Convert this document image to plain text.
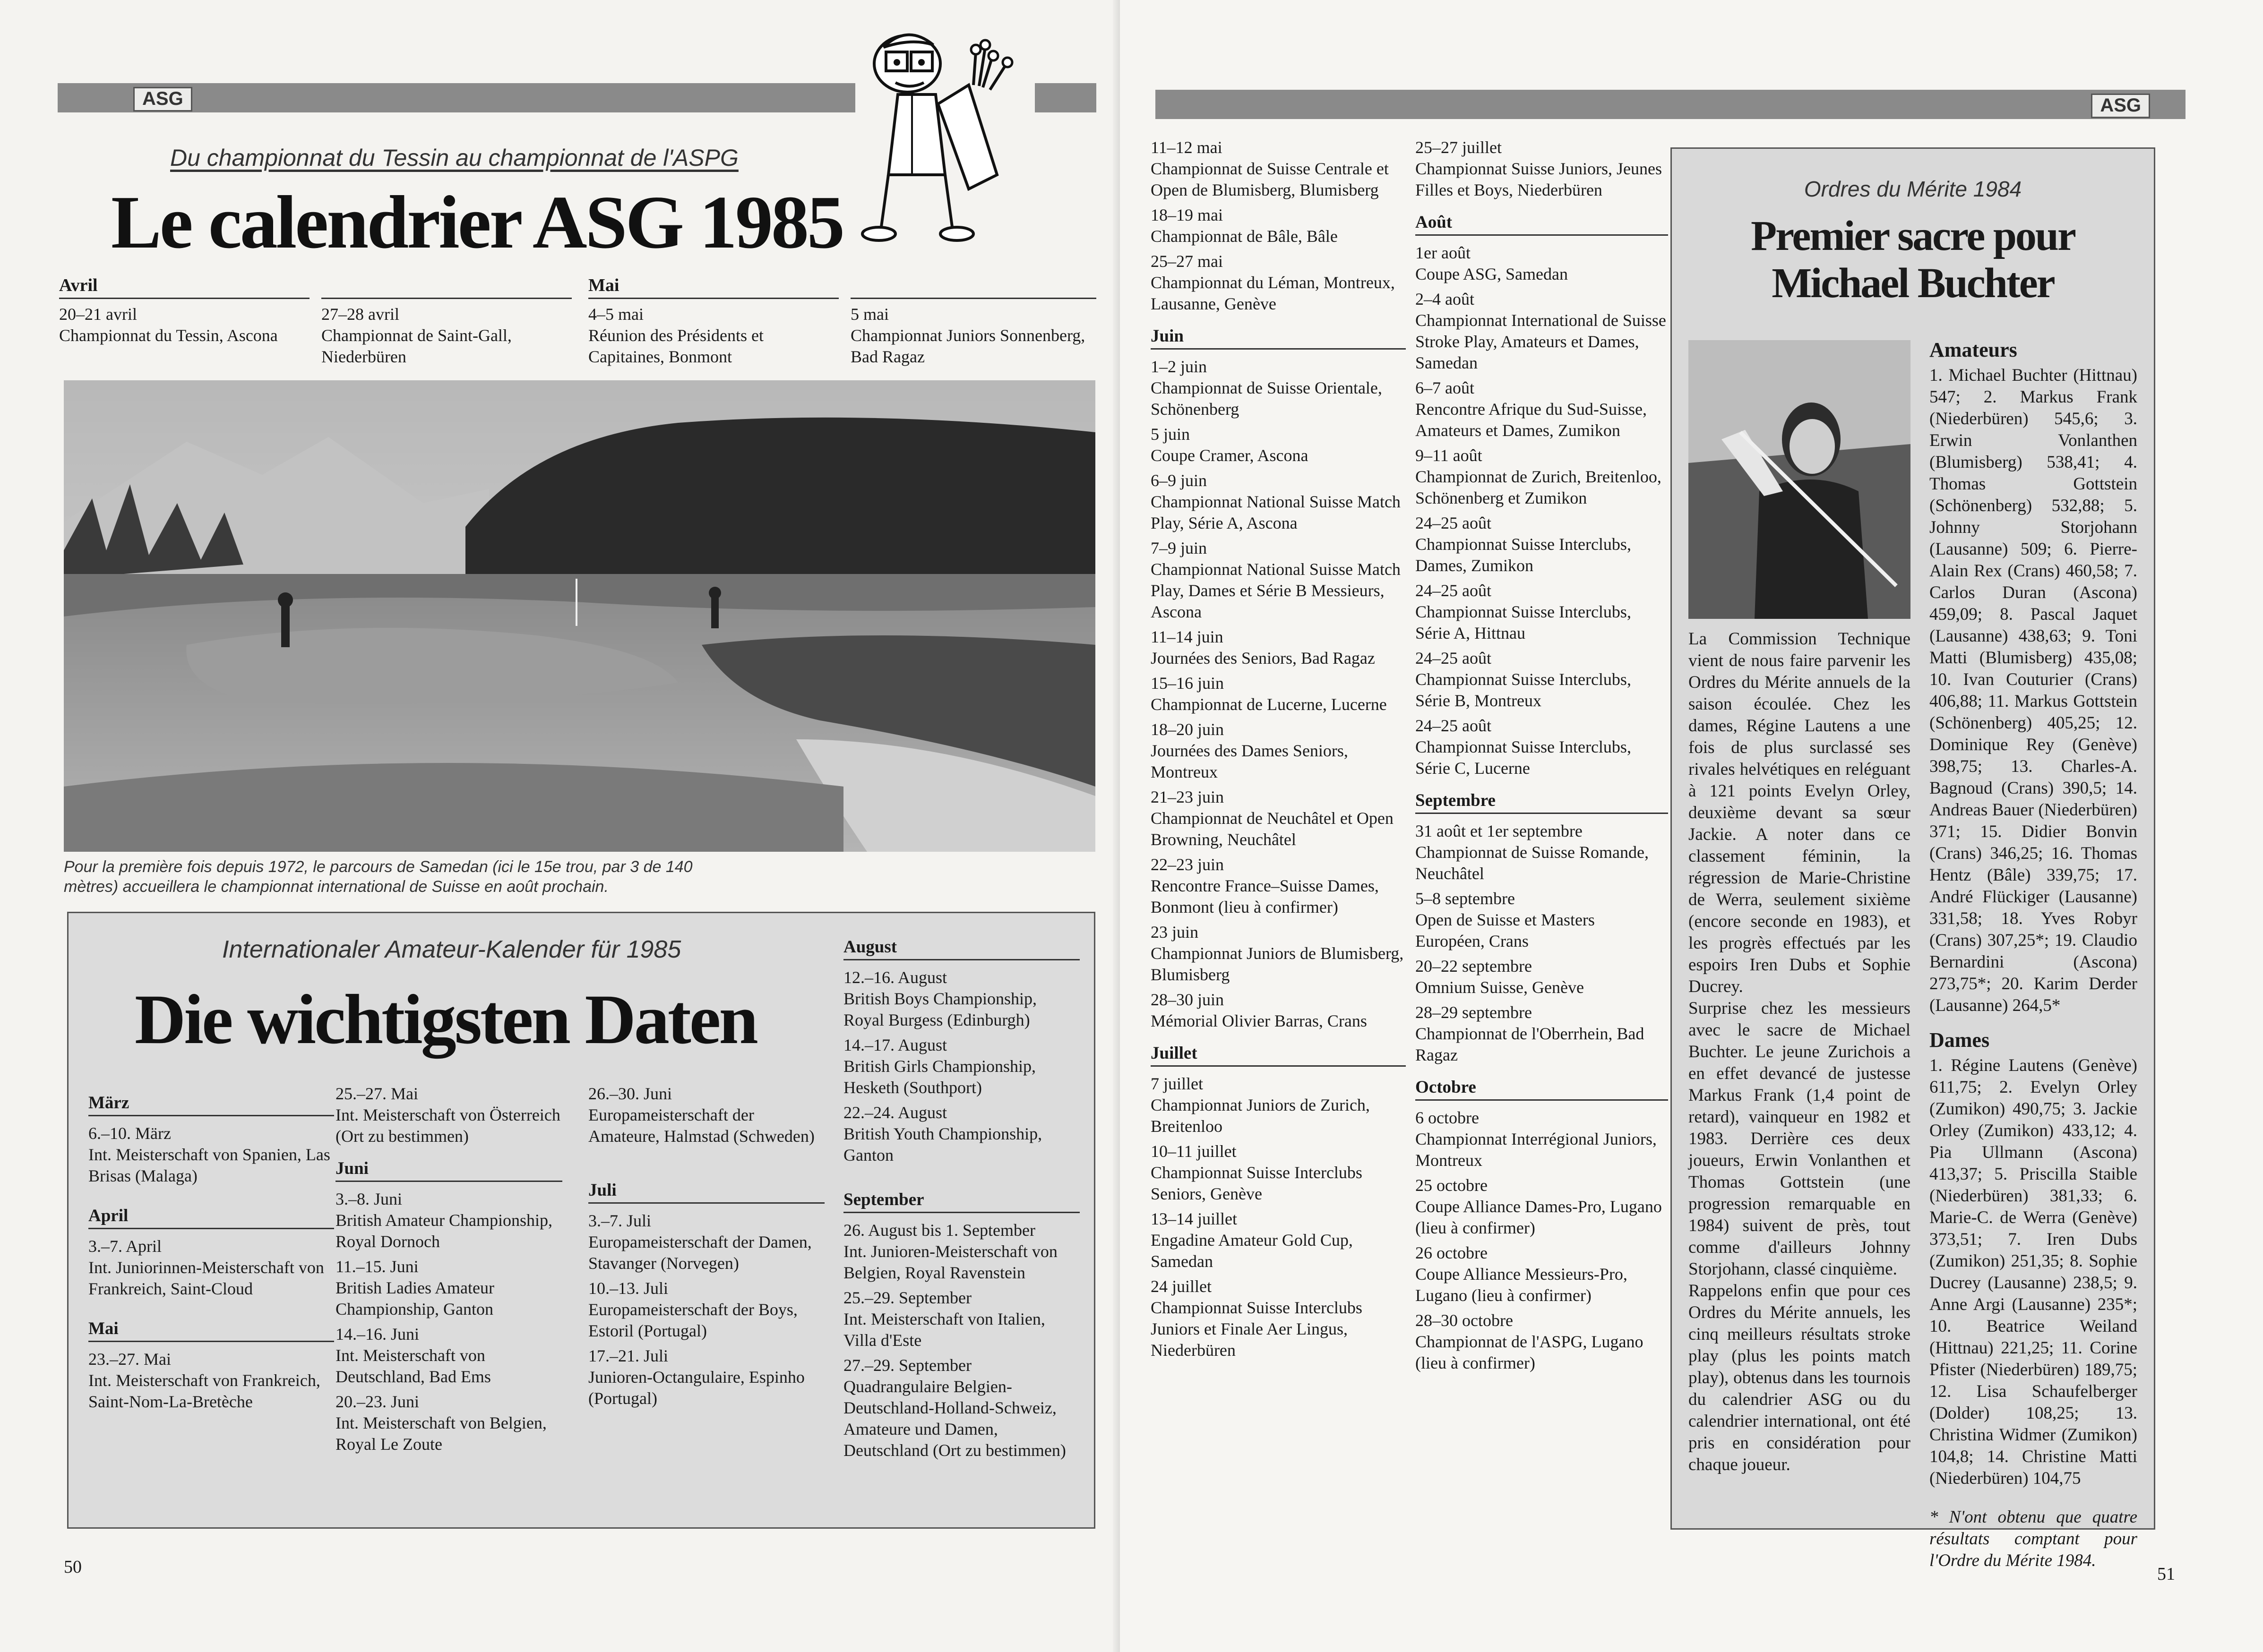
ASG
Du championnat du Tessin au championnat de l'ASPG
Le calendrier ASG 1985
Avril
20–21 avril
Championnat du Tessin, Ascona
27–28 avril
Championnat de Saint-Gall, Niederbüren
Mai
4–5 mai
Réunion des Présidents et Capitaines, Bonmont
5 mai
Championnat Juniors Sonnenberg, Bad Ragaz
Pour la première fois depuis 1972, le parcours de Samedan (ici le 15e trou, par 3 de 140 mètres) accueillera le championnat international de Suisse en août prochain.
Internationaler Amateur-Kalender für 1985
Die wichtigsten Daten
März
6.–10. März
Int. Meisterschaft von Spanien, Las Brisas (Malaga)
April
3.–7. April
Int. Juniorinnen-Meisterschaft von Frankreich, Saint-Cloud
Mai
23.–27. Mai
Int. Meisterschaft von Frankreich, Saint-Nom-La-Bretèche
25.–27. Mai
Int. Meisterschaft von Österreich (Ort zu bestimmen)
Juni
3.–8. Juni
British Amateur Championship, Royal Dornoch
11.–15. Juni
British Ladies Amateur Championship, Ganton
14.–16. Juni
Int. Meisterschaft von Deutschland, Bad Ems
20.–23. Juni
Int. Meisterschaft von Belgien, Royal Le Zoute
26.–30. Juni
Europameisterschaft der Amateure, Halmstad (Schweden)
Juli
3.–7. Juli
Europameisterschaft der Damen, Stavanger (Norvegen)
10.–13. Juli
Europameisterschaft der Boys, Estoril (Portugal)
17.–21. Juli
Junioren-Octangulaire, Espinho (Portugal)
August
12.–16. August
British Boys Championship, Royal Burgess (Edinburgh)
14.–17. August
British Girls Championship, Hesketh (Southport)
22.–24. August
British Youth Championship, Ganton
September
26. August bis 1. September
Int. Junioren-Meisterschaft von Belgien, Royal Ravenstein
25.–29. September
Int. Meisterschaft von Italien, Villa d'Este
27.–29. September
Quadrangulaire Belgien-Deutschland-Holland-Schweiz, Amateure und Damen, Deutschland (Ort zu bestimmen)
50
ASG
11–12 mai
Championnat de Suisse Centrale et Open de Blumisberg, Blumisberg
18–19 mai
Championnat de Bâle, Bâle
25–27 mai
Championnat du Léman, Montreux, Lausanne, Genève
Juin
1–2 juin
Championnat de Suisse Orientale, Schönenberg
5 juin
Coupe Cramer, Ascona
6–9 juin
Championnat National Suisse Match Play, Série A, Ascona
7–9 juin
Championnat National Suisse Match Play, Dames et Série B Messieurs, Ascona
11–14 juin
Journées des Seniors, Bad Ragaz
15–16 juin
Championnat de Lucerne, Lucerne
18–20 juin
Journées des Dames Seniors, Montreux
21–23 juin
Championnat de Neuchâtel et Open Browning, Neuchâtel
22–23 juin
Rencontre France–Suisse Dames, Bonmont (lieu à confirmer)
23 juin
Championnat Juniors de Blumisberg, Blumisberg
28–30 juin
Mémorial Olivier Barras, Crans
Juillet
7 juillet
Championnat Juniors de Zurich, Breitenloo
10–11 juillet
Championnat Suisse Interclubs Seniors, Genève
13–14 juillet
Engadine Amateur Gold Cup, Samedan
24 juillet
Championnat Suisse Interclubs Juniors et Finale Aer Lingus, Niederbüren
25–27 juillet
Championnat Suisse Juniors, Jeunes Filles et Boys, Niederbüren
Août
1er août
Coupe ASG, Samedan
2–4 août
Championnat International de Suisse Stroke Play, Amateurs et Dames, Samedan
6–7 août
Rencontre Afrique du Sud-Suisse, Amateurs et Dames, Zumikon
9–11 août
Championnat de Zurich, Breitenloo, Schönenberg et Zumikon
24–25 août
Championnat Suisse Interclubs, Dames, Zumikon
24–25 août
Championnat Suisse Interclubs, Série A, Hittnau
24–25 août
Championnat Suisse Interclubs, Série B, Montreux
24–25 août
Championnat Suisse Interclubs, Série C, Lucerne
Septembre
31 août et 1er septembre
Championnat de Suisse Romande, Neuchâtel
5–8 septembre
Open de Suisse et Masters Européen, Crans
20–22 septembre
Omnium Suisse, Genève
28–29 septembre
Championnat de l'Oberrhein, Bad Ragaz
Octobre
6 octobre
Championnat Interrégional Juniors, Montreux
25 octobre
Coupe Alliance Dames-Pro, Lugano (lieu à confirmer)
26 octobre
Coupe Alliance Messieurs-Pro, Lugano (lieu à confirmer)
28–30 octobre
Championnat de l'ASPG, Lugano (lieu à confirmer)
Ordres du Mérite 1984
Premier sacre pour Michael Buchter

La Commission Technique vient de nous faire parvenir les Ordres du Mérite annuels de la saison écoulée. Chez les dames, Régine Lautens a une fois de plus surclassé ses rivales helvétiques en reléguant à 121 points Evelyn Orley, deuxième devant sa sœur Jackie. A noter dans ce classement féminin, la régression de Marie-Christine de Werra, seulement sixième (encore seconde en 1983), et les progrès effectués par les espoirs Iren Dubs et Sophie Ducrey.

Surprise chez les messieurs avec le sacre de Michael Buchter. Le jeune Zurichois a en effet devancé de justesse Markus Frank (1,4 point de retard), vainqueur en 1982 et 1983. Derrière ces deux joueurs, Erwin Vonlanthen et Thomas Gottstein (une progression remarquable en 1984) suivent de près, tout comme d'ailleurs Johnny Storjohann, classé cinquième.

Rappelons enfin que pour ces Ordres du Mérite annuels, les cinq meilleurs résultats stroke play (plus les points match play), obtenus dans les tournois du calendrier ASG ou du calendrier international, ont été pris en considération pour chaque joueur.

Amateurs
1. Michael Buchter (Hittnau) 547; 2. Markus Frank (Niederbüren) 545,6; 3. Erwin Vonlanthen (Blumisberg) 538,41; 4. Thomas Gottstein (Schönenberg) 532,88; 5. Johnny Storjohann (Lausanne) 509; 6. Pierre-Alain Rex (Crans) 460,58; 7. Carlos Duran (Ascona) 459,09; 8. Pascal Jaquet (Lausanne) 438,63; 9. Toni Matti (Blumisberg) 435,08; 10. Ivan Couturier (Crans) 406,88; 11. Markus Gottstein (Schönenberg) 405,25; 12. Dominique Rey (Genève) 398,75; 13. Charles-A. Bagnoud (Crans) 390,5; 14. Andreas Bauer (Niederbüren) 371; 15. Didier Bonvin (Crans) 346,25; 16. Thomas Hentz (Bâle) 339,75; 17. André Flückiger (Lausanne) 331,58; 18. Yves Robyr (Crans) 307,25*; 19. Claudio Bernardini (Ascona) 273,75*; 20. Karim Derder (Lausanne) 264,5*
Dames
1. Régine Lautens (Genève) 611,75; 2. Evelyn Orley (Zumikon) 490,75; 3. Jackie Orley (Zumikon) 433,12; 4. Pia Ullmann (Ascona) 413,37; 5. Priscilla Staible (Niederbüren) 381,33; 6. Marie-C. de Werra (Genève) 373,51; 7. Iren Dubs (Zumikon) 251,35; 8. Sophie Ducrey (Lausanne) 238,5; 9. Anne Argi (Lausanne) 235*; 10. Beatrice Weiland (Hittnau) 221,25; 11. Corine Pfister (Niederbüren) 189,75; 12. Lisa Schaufelberger (Dolder) 108,25; 13. Christina Widmer (Zumikon) 104,8; 14. Christine Matti (Niederbüren) 104,75
* N'ont obtenu que quatre résultats comptant pour l'Ordre du Mérite 1984.
51
